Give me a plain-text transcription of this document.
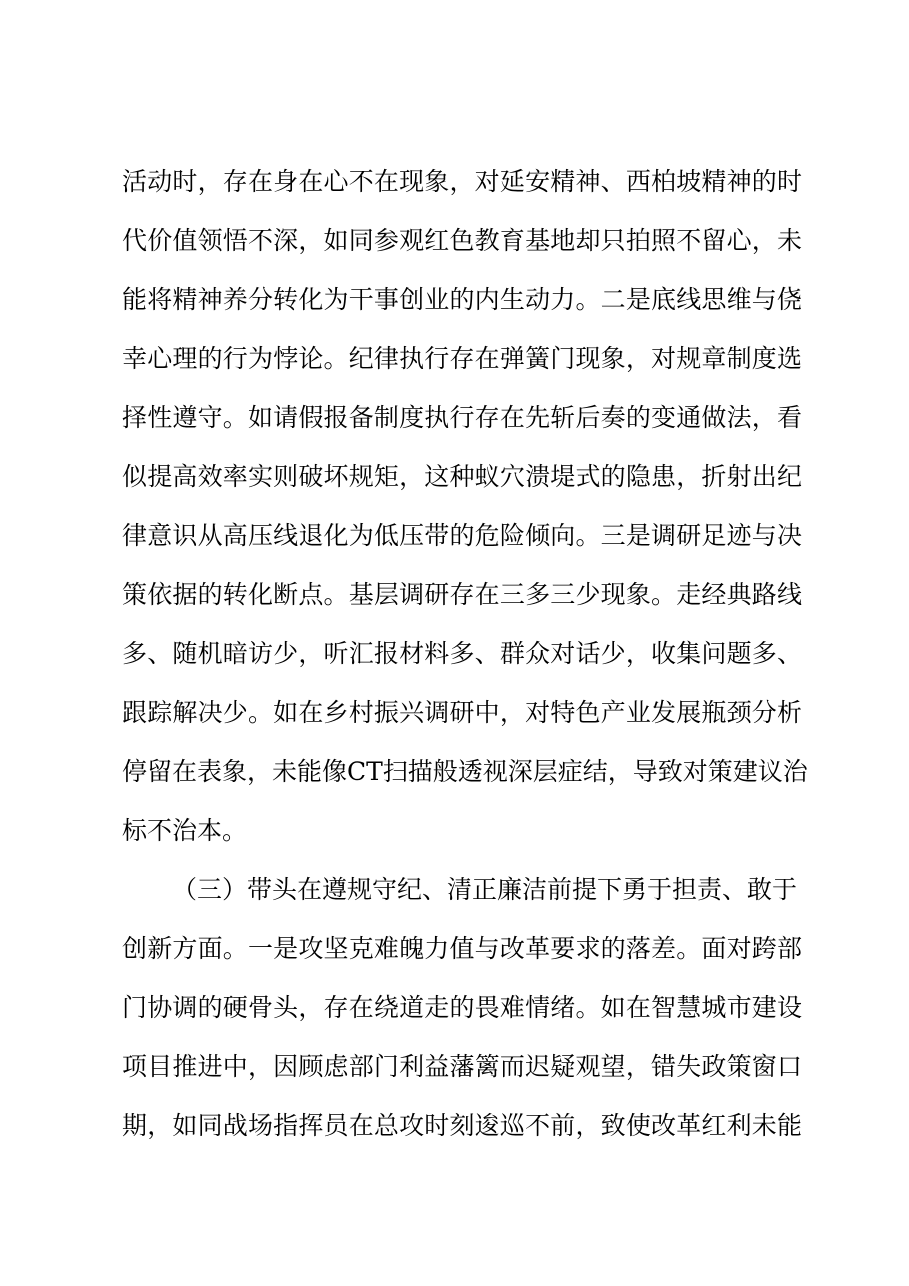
活动时，存在身在心不在现象，对延安精神、西柏坡精神的时
代价值领悟不深，如同参观红色教育基地却只拍照不留心，未
能将精神养分转化为干事创业的内生动力。二是底线思维与侥
幸心理的行为悖论。纪律执行存在弹簧门现象，对规章制度选
择性遵守。如请假报备制度执行存在先斩后奏的变通做法，看
似提高效率实则破坏规矩，这种蚁穴溃堤式的隐患，折射出纪
律意识从高压线退化为低压带的危险倾向。三是调研足迹与决
策依据的转化断点。基层调研存在三多三少现象。走经典路线
多、随机暗访少，听汇报材料多、群众对话少，收集问题多、
跟踪解决少。如在乡村振兴调研中，对特色产业发展瓶颈分析
停留在表象，未能像CT扫描般透视深层症结，导致对策建议治
标不治本。
（三）带头在遵规守纪、清正廉洁前提下勇于担责、敢于
创新方面。一是攻坚克难魄力值与改革要求的落差。面对跨部
门协调的硬骨头，存在绕道走的畏难情绪。如在智慧城市建设
项目推进中，因顾虑部门利益藩篱而迟疑观望，错失政策窗口
期，如同战场指挥员在总攻时刻逡巡不前，致使改革红利未能
